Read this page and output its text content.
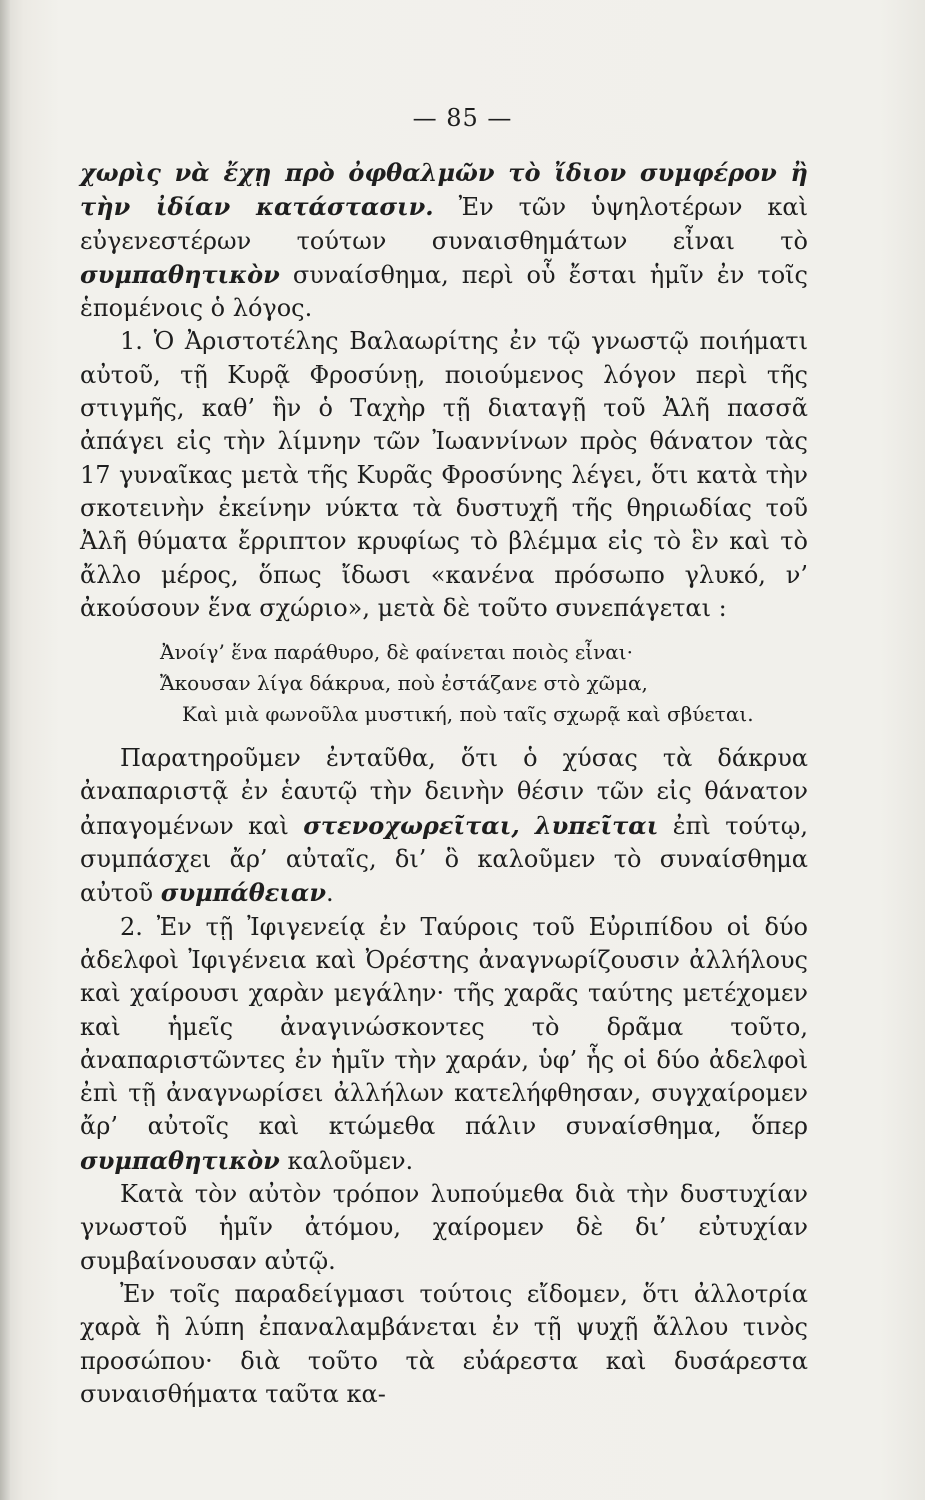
— 85 —

χωρὶς νὰ ἔχῃ πρὸ ὀφθαλμῶν τὸ ἴδιον συμφέρον ἢ τὴν ἰδίαν κατάστασιν. Ἐν τῶν ὑψηλοτέρων καὶ εὐγενεστέρων τούτων συναισθημάτων εἶναι τὸ συμπαθητικὸν συναίσθημα, περὶ οὗ ἔσται ἡμῖν ἐν τοῖς ἑπομένοις ὁ λόγος.

1. Ὁ Ἀριστοτέλης Βαλαωρίτης ἐν τῷ γνωστῷ ποιήματι αὐτοῦ, τῇ Κυρᾷ Φροσύνῃ, ποιούμενος λόγον περὶ τῆς στιγμῆς, καθ’ ἣν ὁ Ταχὴρ τῇ διαταγῇ τοῦ Ἀλῆ πασσᾶ ἀπάγει εἰς τὴν λίμνην τῶν Ἰωαννίνων πρὸς θάνατον τὰς 17 γυναῖκας μετὰ τῆς Κυρᾶς Φροσύνης λέγει, ὅτι κατὰ τὴν σκοτεινὴν ἐκείνην νύκτα τὰ δυστυχῆ τῆς θηριωδίας τοῦ Ἀλῆ θύματα ἔρριπτον κρυφίως τὸ βλέμμα εἰς τὸ ἓν καὶ τὸ ἄλλο μέρος, ὅπως ἴδωσι «κανένα πρόσωπο γλυκό, ν’ ἀκούσουν ἕνα σχώριο», μετὰ δὲ τοῦτο συνεπάγεται :

Ἀνοίγ’ ἕνα παράθυρο, δὲ φαίνεται ποιὸς εἶναι·
Ἄκουσαν λίγα δάκρυα, ποὺ ἐστάζανε στὸ χῶμα,
Καὶ μιὰ φωνοῦλα μυστική, ποὺ ταῖς σχωρᾷ καὶ σβύεται.

Παρατηροῦμεν ἐνταῦθα, ὅτι ὁ χύσας τὰ δάκρυα ἀναπαριστᾷ ἐν ἑαυτῷ τὴν δεινὴν θέσιν τῶν εἰς θάνατον ἀπαγομένων καὶ στενοχωρεῖται, λυπεῖται ἐπὶ τούτῳ, συμπάσχει ἄρ’ αὐταῖς, δι’ ὃ καλοῦμεν τὸ συναίσθημα αὐτοῦ συμπάθειαν.

2. Ἐν τῇ Ἰφιγενείᾳ ἐν Ταύροις τοῦ Εὐριπίδου οἱ δύο ἀδελφοὶ Ἰφιγένεια καὶ Ὀρέστης ἀναγνωρίζουσιν ἀλλήλους καὶ χαίρουσι χαρὰν μεγάλην· τῆς χαρᾶς ταύτης μετέχομεν καὶ ἡμεῖς ἀναγινώσκοντες τὸ δρᾶμα τοῦτο, ἀναπαριστῶντες ἐν ἡμῖν τὴν χαράν, ὑφ’ ἧς οἱ δύο ἀδελφοὶ ἐπὶ τῇ ἀναγνωρίσει ἀλλήλων κατελήφθησαν, συγχαίρομεν ἄρ’ αὐτοῖς καὶ κτώμεθα πάλιν συναίσθημα, ὅπερ συμπαθητικὸν καλοῦμεν.

Κατὰ τὸν αὐτὸν τρόπον λυπούμεθα διὰ τὴν δυστυχίαν γνωστοῦ ἡμῖν ἀτόμου, χαίρομεν δὲ δι’ εὐτυχίαν συμβαίνουσαν αὐτῷ.

Ἐν τοῖς παραδείγμασι τούτοις εἴδομεν, ὅτι ἀλλοτρία χαρὰ ἢ λύπη ἐπαναλαμβάνεται ἐν τῇ ψυχῇ ἄλλου τινὸς προσώπου· διὰ τοῦτο τὰ εὐάρεστα καὶ δυσάρεστα συναισθήματα ταῦτα κα-
